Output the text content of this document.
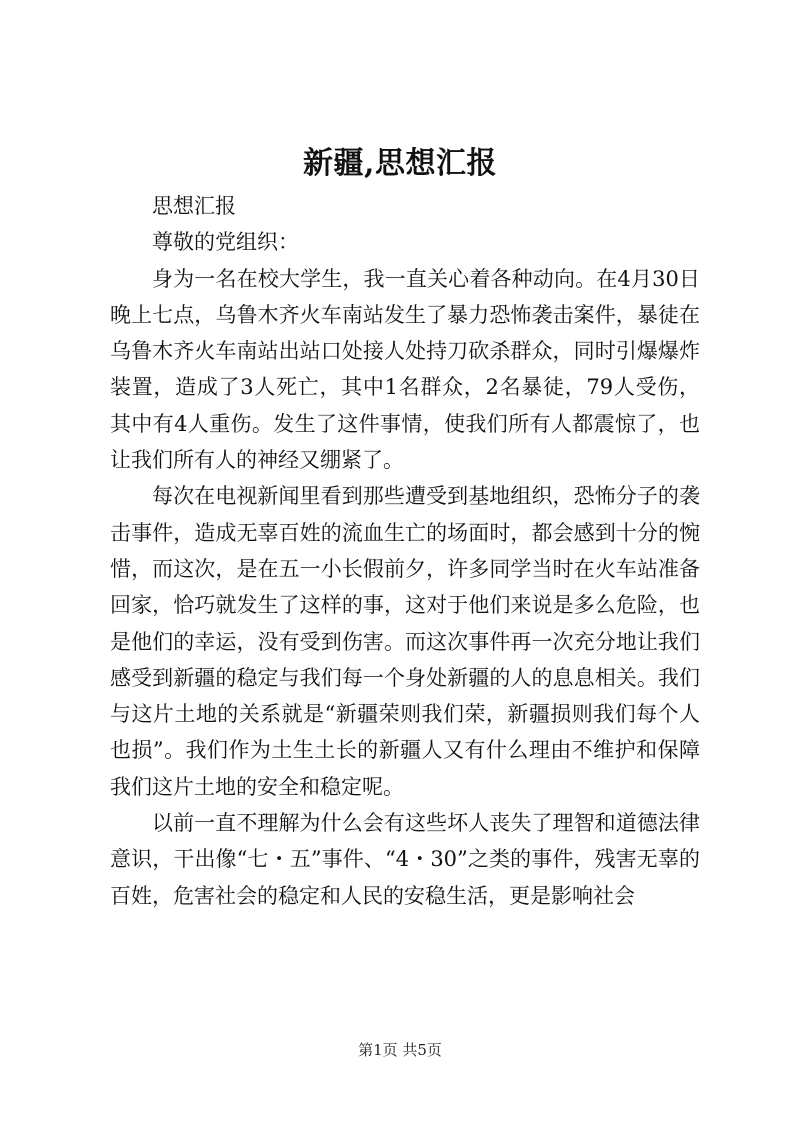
新疆,思想汇报

思想汇报

尊敬的党组织：

身为一名在校大学生，我一直关心着各种动向。在4月30日晚上七点，乌鲁木齐火车南站发生了暴力恐怖袭击案件，暴徒在乌鲁木齐火车南站出站口处接人处持刀砍杀群众，同时引爆爆炸装置，造成了3人死亡，其中1名群众，2名暴徒，79人受伤，其中有4人重伤。发生了这件事情，使我们所有人都震惊了，也让我们所有人的神经又绷紧了。

每次在电视新闻里看到那些遭受到基地组织，恐怖分子的袭击事件，造成无辜百姓的流血生亡的场面时，都会感到十分的惋惜，而这次，是在五一小长假前夕，许多同学当时在火车站准备回家，恰巧就发生了这样的事，这对于他们来说是多么危险，也是他们的幸运，没有受到伤害。而这次事件再一次充分地让我们感受到新疆的稳定与我们每一个身处新疆的人的息息相关。我们与这片土地的关系就是“新疆荣则我们荣，新疆损则我们每个人也损”。我们作为土生土长的新疆人又有什么理由不维护和保障我们这片土地的安全和稳定呢。

以前一直不理解为什么会有这些坏人丧失了理智和道德法律意识，干出像“七・五”事件、“4・30”之类的事件，残害无辜的百姓，危害社会的稳定和人民的安稳生活，更是影响社会

第1页 共5页
